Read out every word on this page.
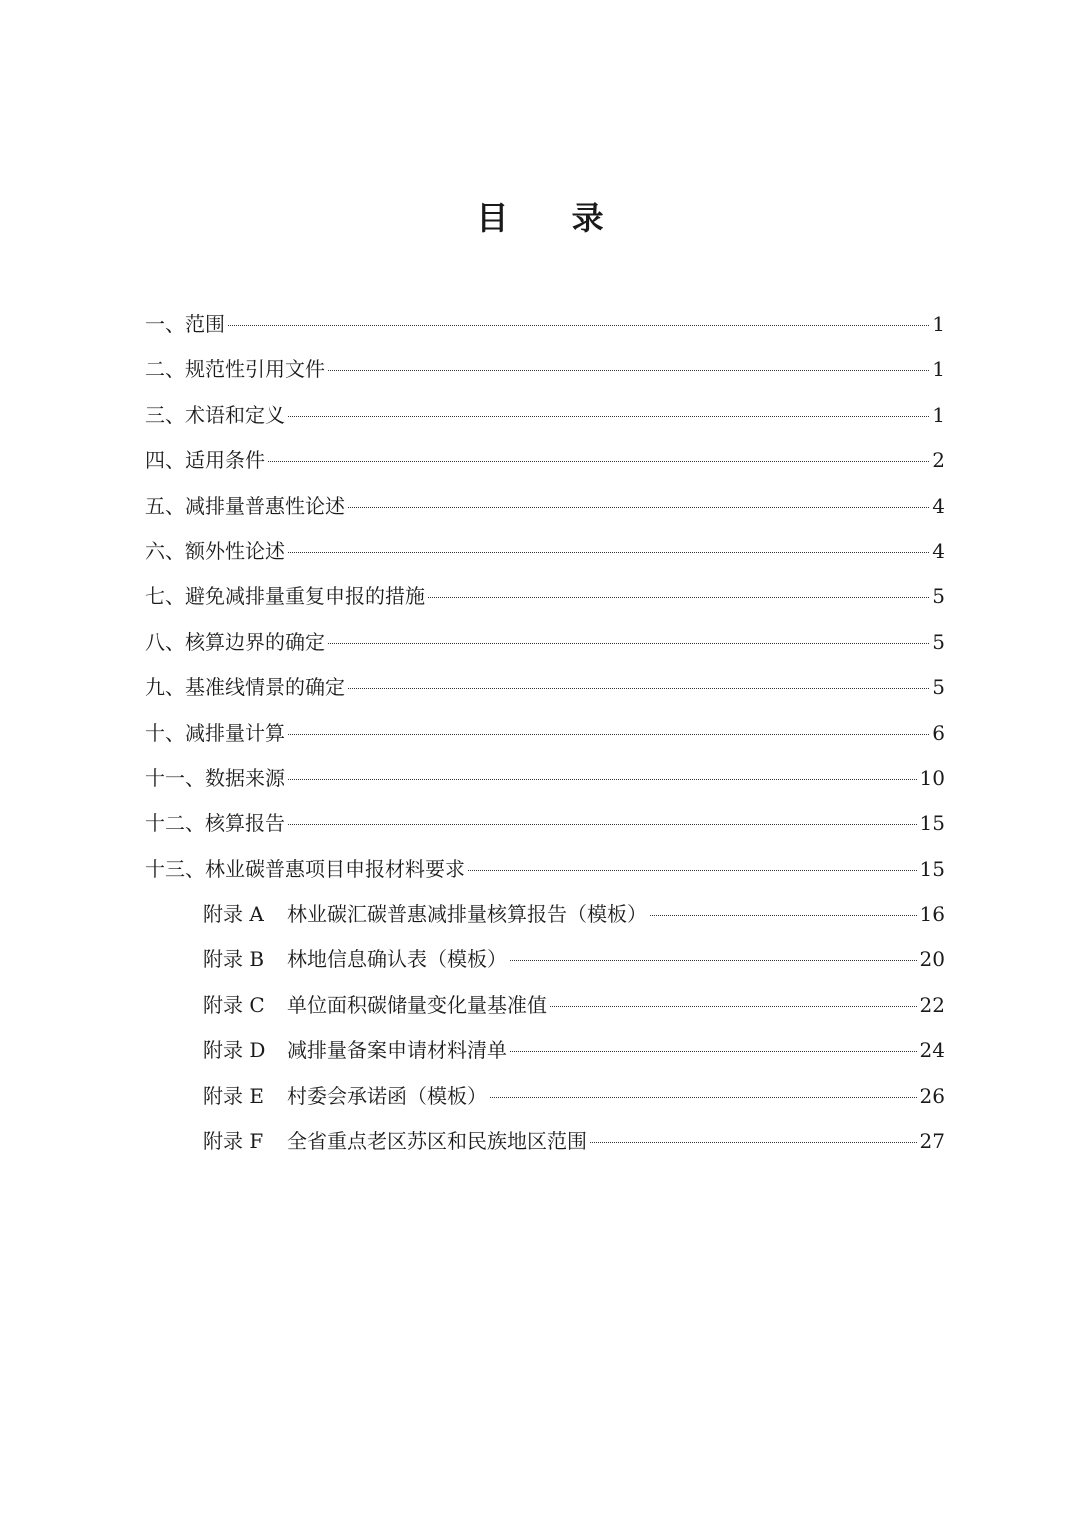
目 录
一、范围	1
二、规范性引用文件	1
三、术语和定义	1
四、适用条件	2
五、减排量普惠性论述	4
六、额外性论述	4
七、避免减排量重复申报的措施	5
八、核算边界的确定	5
九、基准线情景的确定	5
十、减排量计算	6
十一、数据来源	10
十二、核算报告	15
十三、林业碳普惠项目申报材料要求	15
附录 A	林业碳汇碳普惠减排量核算报告（模板）	16
附录 B	林地信息确认表（模板）	20
附录 C	单位面积碳储量变化量基准值	22
附录 D	减排量备案申请材料清单	24
附录 E	村委会承诺函（模板）	26
附录 F	全省重点老区苏区和民族地区范围	27
